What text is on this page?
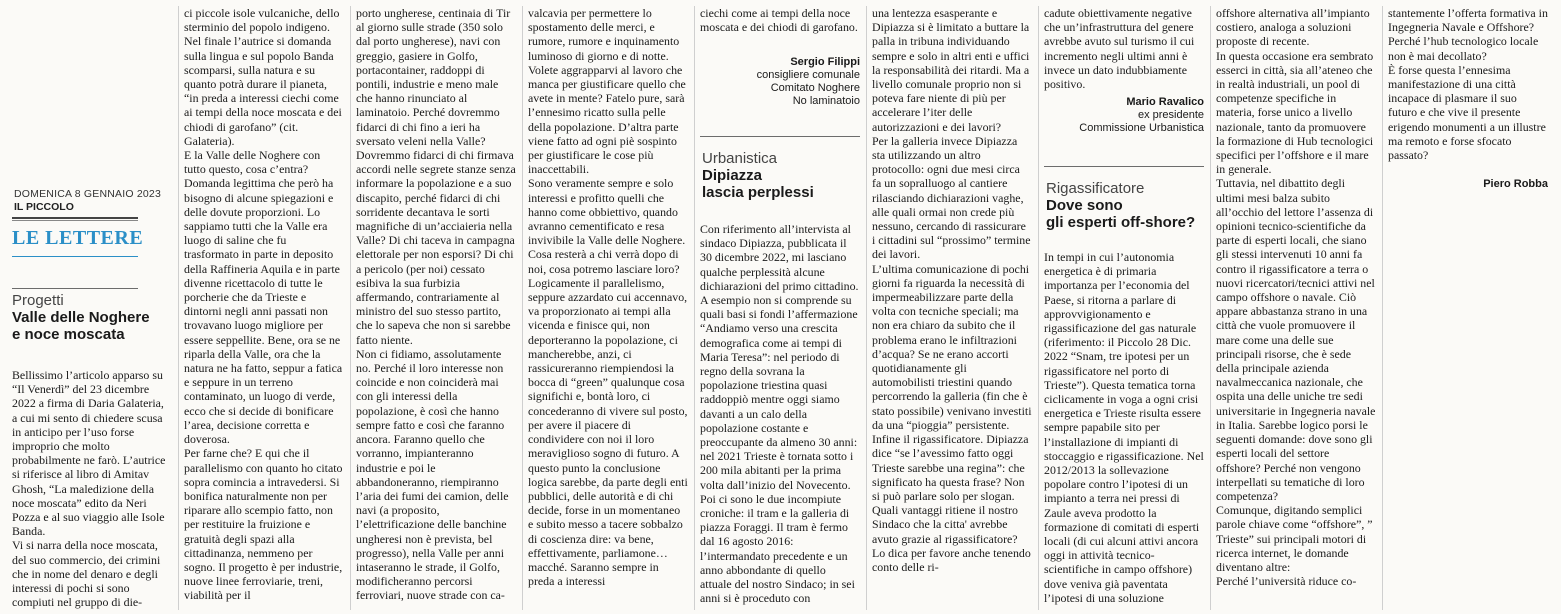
DOMENICA 8 GENNAIO 2023
IL PICCOLO
LE LETTERE
Progetti
Valle delle Noghere
e noce moscata

Bellissimo l’articolo apparso su “Il Venerdì” del 23 dicembre 2022 a firma di Daria Galateria, a cui mi sento di chiedere scusa in anticipo per l’uso forse improprio che molto probabilmente ne farò. L’autrice si riferisce al libro di Amitav Ghosh, “La maledizione della noce moscata” edito da Neri Pozza e al suo viaggio alle Isole Banda.
Vi si narra della noce moscata, del suo commercio, dei crimini che in nome del denaro e degli interessi di pochi si sono compiuti nel gruppo di die-

ci piccole isole vulcaniche, dello sterminio del popolo indigeno.
Nel finale l’autrice si domanda sulla lingua e sul popolo Banda scomparsi, sulla natura e su quanto potrà durare il pianeta, “in preda a interessi ciechi come ai tempi della noce moscata e dei chiodi di garofano” (cit. Galateria).
E la Valle delle Noghere con tutto questo, cosa c’entra? Domanda legittima che però ha bisogno di alcune spiegazioni e delle dovute proporzioni. Lo sappiamo tutti che la Valle era luogo di saline che fu trasformato in parte in deposito della Raffineria Aquila e in parte divenne ricettacolo di tutte le porcherie che da Trieste e dintorni negli anni passati non trovavano luogo migliore per essere seppellite. Bene, ora se ne riparla della Valle, ora che la natura ne ha fatto, seppur a fatica e seppure in un terreno contaminato, un luogo di verde, ecco che si decide di bonificare l’area, decisione corretta e doverosa.
Per farne che? E qui che il parallelismo con quanto ho citato sopra comincia a intravedersi. Si bonifica naturalmente non per riparare allo scempio fatto, non per restituire la fruizione e gratuità degli spazi alla cittadinanza, nemmeno per sogno. Il progetto è per industrie, nuove linee ferroviarie, treni, viabilità per il

porto ungherese, centinaia di Tir al giorno sulle strade (350 solo dal porto ungherese), navi con greggio, gasiere in Golfo, portacontainer, raddoppi di pontili, industrie e meno male che hanno rinunciato al laminatoio. Perché dovremmo fidarci di chi fino a ieri ha sversato veleni nella Valle? Dovremmo fidarci di chi firmava accordi nelle segrete stanze senza informare la popolazione e a suo discapito, perché fidarci di chi sorridente decantava le sorti magnifiche di un’acciaieria nella Valle? Di chi taceva in campagna elettorale per non esporsi? Di chi a pericolo (per noi) cessato esibiva la sua furbizia affermando, contrariamente al ministro del suo stesso partito, che lo sapeva che non si sarebbe fatto niente.
Non ci fidiamo, assolutamente no. Perché il loro interesse non coincide e non coinciderà mai con gli interessi della popolazione, è così che hanno sempre fatto e così che faranno ancora. Faranno quello che vorranno, impianteranno industrie e poi le abbandoneranno, riempiranno l’aria dei fumi dei camion, delle navi (a proposito, l’elettrificazione delle banchine ungheresi non è prevista, bel progresso), nella Valle per anni intaseranno le strade, il Golfo, modificheranno percorsi ferroviari, nuove strade con ca-

valcavia per permettere lo spostamento delle merci, e rumore, rumore e inquinamento luminoso di giorno e di notte. Volete aggrapparvi al lavoro che manca per giustificare quello che avete in mente? Fatelo pure, sarà l’ennesimo ricatto sulla pelle della popolazione. D’altra parte viene fatto ad ogni piè sospinto per giustificare le cose più inaccettabili.
Sono veramente sempre e solo interessi e profitto quelli che hanno come obbiettivo, quando avranno cementificato e resa invivibile la Valle delle Noghere. Cosa resterà a chi verrà dopo di noi, cosa potremo lasciare loro? Logicamente il parallelismo, seppure azzardato cui accennavo, va proporzionato ai tempi alla vicenda e finisce qui, non deporteranno la popolazione, ci mancherebbe, anzi, ci rassicureranno riempiendosi la bocca di “green” qualunque cosa significhi e, bontà loro, ci concederanno di vivere sul posto, per avere il piacere di condividere con noi il loro meraviglioso sogno di futuro. A questo punto la conclusione logica sarebbe, da parte degli enti pubblici, delle autorità e di chi decide, forse in un momentaneo e subito messo a tacere sobbalzo di coscienza dire: va bene, effettivamente, parliamone… macché. Saranno sempre in preda a interessi

ciechi come ai tempi della noce moscata e dei chiodi di garofano.

Sergio Filippi
consigliere comunale
Comitato Noghere
No laminatoio
Urbanistica
Dipiazza
lascia perplessi

Con riferimento all’intervista al sindaco Dipiazza, pubblicata il 30 dicembre 2022, mi lasciano qualche perplessità alcune dichiarazioni del primo cittadino. A esempio non si comprende su quali basi si fondi l’affermazione “Andiamo verso una crescita demografica come ai tempi di Maria Teresa”: nel periodo di regno della sovrana la popolazione triestina quasi raddoppiò mentre oggi siamo davanti a un calo della popolazione costante e preoccupante da almeno 30 anni: nel 2021 Trieste è tornata sotto i 200 mila abitanti per la prima volta dall’inizio del Novecento.
Poi ci sono le due incompiute croniche: il tram e la galleria di piazza Foraggi. Il tram è fermo dal 16 agosto 2016: l’intermandato precedente e un anno abbondante di quello attuale del nostro Sindaco; in sei anni si è proceduto con

una lentezza esasperante e Dipiazza si è limitato a buttare la palla in tribuna individuando sempre e solo in altri enti e uffici la responsabilità dei ritardi. Ma a livello comunale proprio non si poteva fare niente di più per accelerare l’iter delle autorizzazioni e dei lavori?
Per la galleria invece Dipiazza sta utilizzando un altro protocollo: ogni due mesi circa fa un sopralluogo al cantiere rilasciando dichiarazioni vaghe, alle quali ormai non crede più nessuno, cercando di rassicurare i cittadini sul “prossimo” termine dei lavori.
L’ultima comunicazione di pochi giorni fa riguarda la necessità di impermeabilizzare parte della volta con tecniche speciali; ma non era chiaro da subito che il problema erano le infiltrazioni d’acqua? Se ne erano accorti quotidianamente gli automobilisti triestini quando percorrendo la galleria (fin che è stato possibile) venivano investiti da una “pioggia” persistente. Infine il rigassificatore. Dipiazza dice “se l’avessimo fatto oggi Trieste sarebbe una regina”: che significato ha questa frase? Non si può parlare solo per slogan. Quali vantaggi ritiene il nostro Sindaco che la citta' avrebbe avuto grazie al rigassificatore? Lo dica per favore anche tenendo conto delle ri-

cadute obiettivamente negative che un’infrastruttura del genere avrebbe avuto sul turismo il cui incremento negli ultimi anni è invece un dato indubbiamente positivo.

Mario Ravalico
ex presidente
Commissione Urbanistica
Rigassificatore
Dove sono
gli esperti off-shore?

In tempi in cui l’autonomia energetica è di primaria importanza per l’economia del Paese, si ritorna a parlare di approvvigionamento e rigassificazione del gas naturale (riferimento: il Piccolo 28 Dic. 2022 “Snam, tre ipotesi per un rigassificatore nel porto di Trieste”). Questa tematica torna ciclicamente in voga a ogni crisi energetica e Trieste risulta essere sempre papabile sito per l’installazione di impianti di stoccaggio e rigassificazione. Nel 2012/2013 la sollevazione popolare contro l’ipotesi di un impianto a terra nei pressi di Zaule aveva prodotto la formazione di comitati di esperti locali (di cui alcuni attivi ancora oggi in attività tecnico-scientifiche in campo offshore) dove veniva già paventata l’ipotesi di una soluzione

offshore alternativa all’impianto costiero, analoga a soluzioni proposte di recente.
In questa occasione era sembrato esserci in città, sia all’ateneo che in realtà industriali, un pool di competenze specifiche in materia, forse unico a livello nazionale, tanto da promuovere la formazione di Hub tecnologici specifici per l’offshore e il mare in generale.
Tuttavia, nel dibattito degli ultimi mesi balza subito all’occhio del lettore l’assenza di opinioni tecnico-scientifiche da parte di esperti locali, che siano gli stessi intervenuti 10 anni fa contro il rigassificatore a terra o nuovi ricercatori/tecnici attivi nel campo offshore o navale. Ciò appare abbastanza strano in una città che vuole promuovere il mare come una delle sue principali risorse, che è sede della principale azienda navalmeccanica nazionale, che ospita una delle uniche tre sedi universitarie in Ingegneria navale in Italia. Sarebbe logico porsi le seguenti domande: dove sono gli esperti locali del settore offshore? Perché non vengono interpellati su tematiche di loro competenza?
Comunque, digitando semplici parole chiave come “offshore”, ” Trieste” sui principali motori di ricerca internet, le domande diventano altre:
Perché l’università riduce co-

stantemente l’offerta formativa in Ingegneria Navale e Offshore?
Perché l’hub tecnologico locale non è mai decollato?
È forse questa l’ennesima manifestazione di una città incapace di plasmare il suo futuro e che vive il presente erigendo monumenti a un illustre ma remoto e forse sfocato passato?

Piero Robba
